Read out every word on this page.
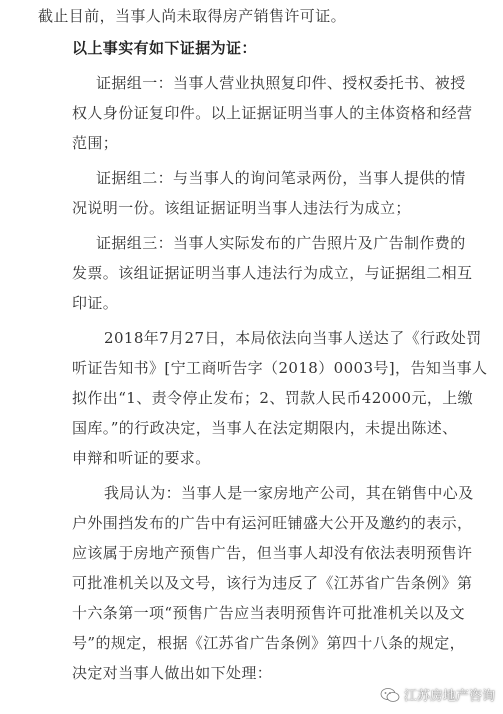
截止目前，当事人尚未取得房产销售许可证。
以上事实有如下证据为证：
证据组一：当事人营业执照复印件、授权委托书、被授
权人身份证复印件。以上证据证明当事人的主体资格和经营
范围；
证据组二：与当事人的询问笔录两份，当事人提供的情
况说明一份。该组证据证明当事人违法行为成立；
证据组三：当事人实际发布的广告照片及广告制作费的
发票。该组证据证明当事人违法行为成立，与证据组二相互
印证。
2018年7月27日，本局依法向当事人送达了《行政处罚
听证告知书》[宁工商听告字（2018）0003号]，告知当事人
拟作出“1、责令停止发布；2、罚款人民币42000元，上缴
国库。”的行政决定，当事人在法定期限内，未提出陈述、
申辩和听证的要求。
我局认为：当事人是一家房地产公司，其在销售中心及
户外围挡发布的广告中有运河旺铺盛大公开及邀约的表示，
应该属于房地产预售广告，但当事人却没有依法表明预售许
可批准机关以及文号，该行为违反了《江苏省广告条例》第
十六条第一项“预售广告应当表明预售许可批准机关以及文
号”的规定，根据《江苏省广告条例》第四十八条的规定，
决定对当事人做出如下处理：
江苏房地产咨询
